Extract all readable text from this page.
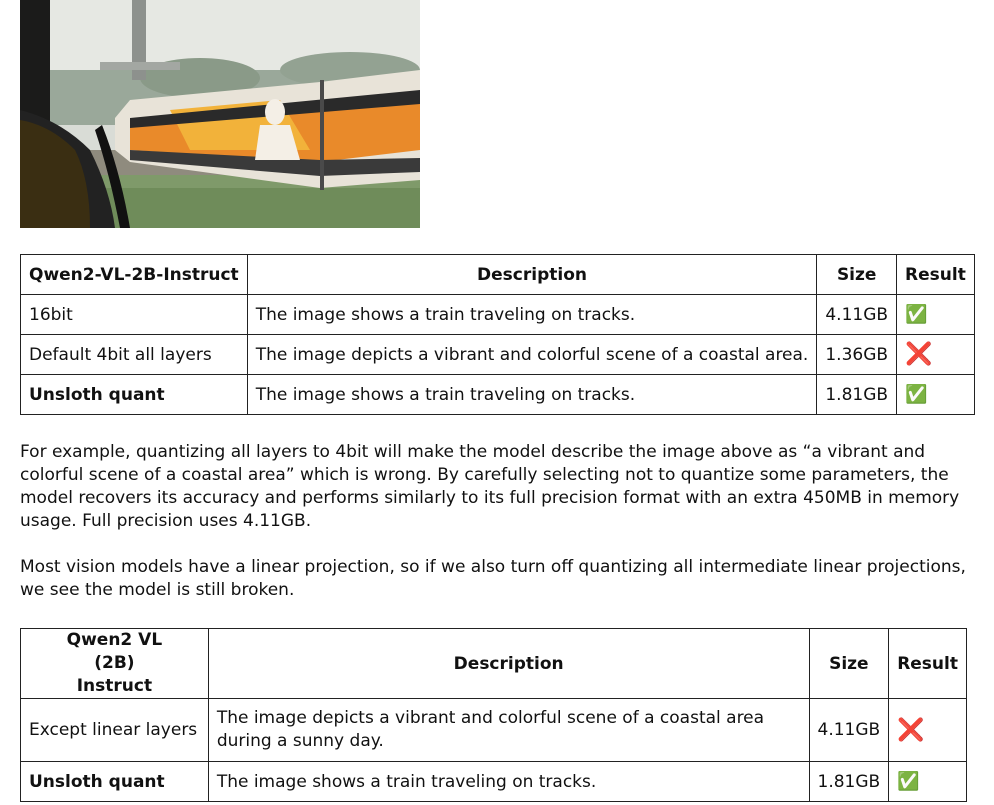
Qwen2-VL-2B-Instruct	Description	Size	Result
16bit	The image shows a train traveling on tracks.	4.11GB	✅
Default 4bit all layers	The image depicts a vibrant and colorful scene of a coastal area.	1.36GB	❌
Unsloth quant	The image shows a train traveling on tracks.	1.81GB	✅

For example, quantizing all layers to 4bit will make the model describe the image above as “a vibrant and colorful scene of a coastal area” which is wrong. By carefully selecting not to quantize some parameters, the model recovers its accuracy and performs similarly to its full precision format with an extra 450MB in memory usage. Full precision uses 4.11GB.

Most vision models have a linear projection, so if we also turn off quantizing all intermediate linear projections, we see the model is still broken.

Qwen2 VL (2B) Instruct	Description	Size	Result
Except linear layers	The image depicts a vibrant and colorful scene of a coastal area during a sunny day.	4.11GB	❌
Unsloth quant	The image shows a train traveling on tracks.	1.81GB	✅
